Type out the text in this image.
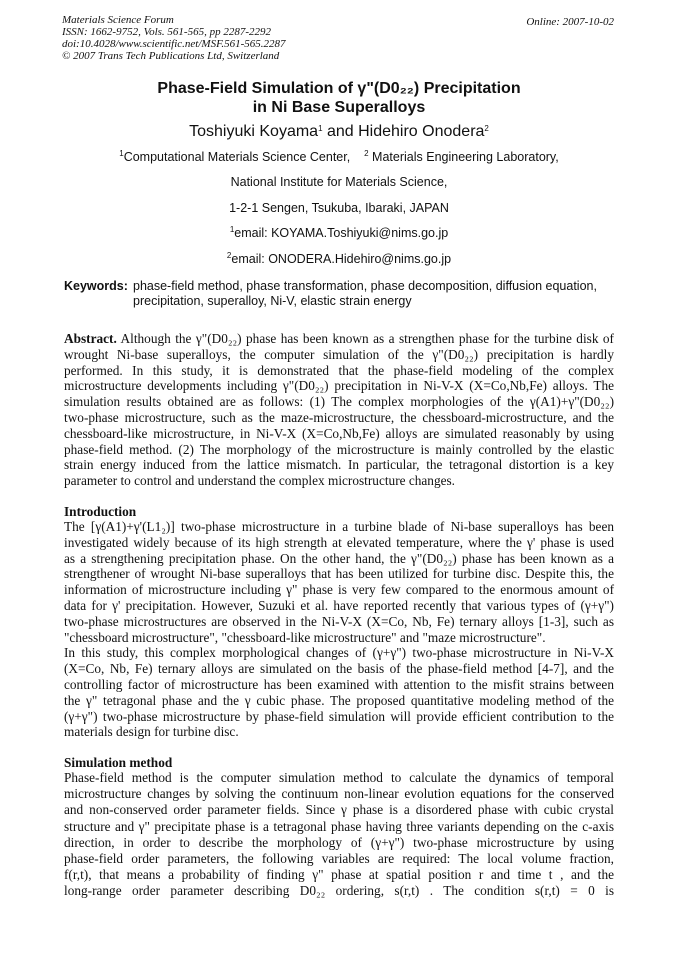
Materials Science Forum
ISSN: 1662-9752, Vols. 561-565, pp 2287-2292
doi:10.4028/www.scientific.net/MSF.561-565.2287
© 2007 Trans Tech Publications Ltd, Switzerland
Online: 2007-10-02
Phase-Field Simulation of γ"(D0₂₂) Precipitation
in Ni Base Superalloys
Toshiyuki Koyama$^1$ and Hidehiro Onodera$^2$
$^1$Computational Materials Science Center, $^2$ Materials Engineering Laboratory,
National Institute for Materials Science,
1-2-1 Sengen, Tsukuba, Ibaraki, JAPAN
$^1$email: KOYAMA.Toshiyuki@nims.go.jp
$^2$email: ONODERA.Hidehiro@nims.go.jp
Keywords: phase-field method, phase transformation, phase decomposition, diffusion equation,
precipitation, superalloy, Ni-V, elastic strain energy
Abstract. Although the γ"(D0₂₂) phase has been known as a strengthen phase for the turbine disk of
wrought Ni-base superalloys, the computer simulation of the γ"(D0₂₂) precipitation is hardly
performed. In this study, it is demonstrated that the phase-field modeling of the complex
microstructure developments including γ"(D0₂₂) precipitation in Ni-V-X (X=Co,Nb,Fe) alloys. The
simulation results obtained are as follows: (1) The complex morphologies of the γ(A1)+γ"(D0₂₂)
two-phase microstructure, such as the maze-microstructure, the chessboard-microstructure, and the
chessboard-like microstructure, in Ni-V-X (X=Co,Nb,Fe) alloys are simulated reasonably by using
phase-field method. (2) The morphology of the microstructure is mainly controlled by the elastic
strain energy induced from the lattice mismatch. In particular, the tetragonal distortion is a key
parameter to control and understand the complex microstructure changes.
Introduction
The [γ(A1)+γ'(L1₂)] two-phase microstructure in a turbine blade of Ni-base superalloys has been
investigated widely because of its high strength at elevated temperature, where the γ' phase is used
as a strengthening precipitation phase. On the other hand, the γ"(D0₂₂) phase has been known as a
strengthener of wrought Ni-base superalloys that has been utilized for turbine disc. Despite this, the
information of microstructure including γ" phase is very few compared to the enormous amount of
data for γ' precipitation. However, Suzuki et al. have reported recently that various types of (γ+γ")
two-phase microstructures are observed in the Ni-V-X (X=Co, Nb, Fe) ternary alloys [1-3], such as
"chessboard microstructure", "chessboard-like microstructure" and "maze microstructure".
In this study, this complex morphological changes of (γ+γ") two-phase microstructure in Ni-V-X
(X=Co, Nb, Fe) ternary alloys are simulated on the basis of the phase-field method [4-7], and the
controlling factor of microstructure has been examined with attention to the misfit strains between
the γ" tetragonal phase and the γ cubic phase. The proposed quantitative modeling method of the
(γ+γ") two-phase microstructure by phase-field simulation will provide efficient contribution to the
materials design for turbine disc.
Simulation method
Phase-field method is the computer simulation method to calculate the dynamics of temporal
microstructure changes by solving the continuum non-linear evolution equations for the conserved
and non-conserved order parameter fields. Since γ phase is a disordered phase with cubic crystal
structure and γ" precipitate phase is a tetragonal phase having three variants depending on the c-axis
direction, in order to describe the morphology of (γ+γ") two-phase microstructure by using
phase-field order parameters, the following variables are required: The local volume fraction,
f(r,t), that means a probability of finding γ" phase at spatial position r and time t , and the
long-range order parameter describing D0₂₂ ordering, s(r,t) . The condition s(r,t) = 0 is
